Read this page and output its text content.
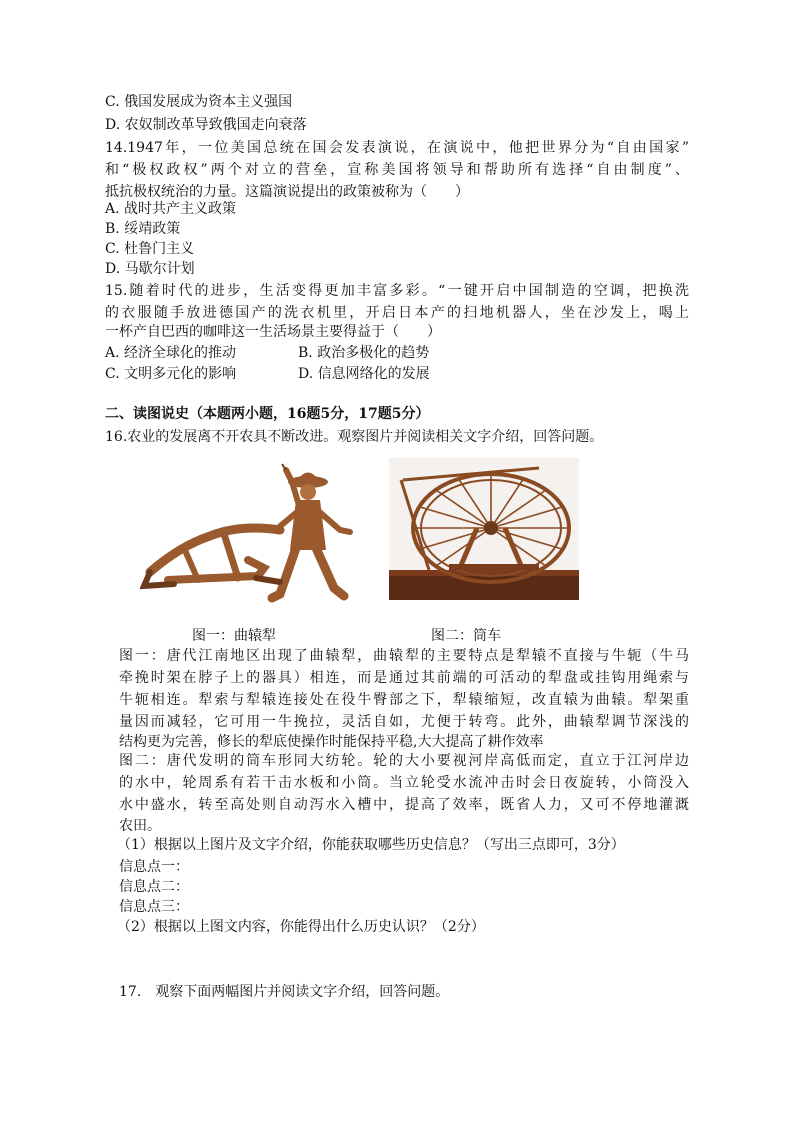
C. 俄国发展成为资本主义强国
D. 农奴制改革导致俄国走向衰落
14.1947年，一位美国总统在国会发表演说，在演说中，他把世界分为“自由国家”
和“极权政权”两个对立的营垒，宣称美国将领导和帮助所有选择“自由制度”、
抵抗极权统治的力量。这篇演说提出的政策被称为（　　）
A. 战时共产主义政策
B. 绥靖政策
C. 杜鲁门主义
D. 马歇尔计划
15.随着时代的进步，生活变得更加丰富多彩。“一键开启中国制造的空调，把换洗
的衣服随手放进德国产的洗衣机里，开启日本产的扫地机器人，坐在沙发上，喝上
一杯产自巴西的咖啡这一生活场景主要得益于（　　）
A. 经济全球化的推动	B. 政治多极化的趋势
C. 文明多元化的影响	D. 信息网络化的发展
二、读图说史（本题两小题，16题5分，17题5分）
16.农业的发展离不开农具不断改进。观察图片并阅读相关文字介绍，回答问题。
图一：曲辕犁	图二：筒车
图一：唐代江南地区出现了曲辕犁，曲辕犁的主要特点是犁辕不直接与牛轭（牛马
牵挽时架在脖子上的器具）相连，而是通过其前端的可活动的犁盘或挂钩用绳索与
牛轭相连。犁索与犁辕连接处在役牛臀部之下，犁辕缩短，改直辕为曲辕。犁架重
量因而减轻，它可用一牛挽拉，灵活自如，尤便于转弯。此外，曲辕犁调节深浅的
结构更为完善，修长的犁底使操作时能保持平稳,大大提高了耕作效率
图二：唐代发明的筒车形同大纺轮。轮的大小要视河岸高低而定，直立于江河岸边
的水中，轮周系有若干击水板和小筒。当立轮受水流冲击时会日夜旋转，小筒没入
水中盛水，转至高处则自动泻水入槽中，提高了效率，既省人力，又可不停地灌溉
农田。
（1）根据以上图片及文字介绍，你能获取哪些历史信息？（写出三点即可，3分）
信息点一：
信息点二：
信息点三：
（2）根据以上图文内容，你能得出什么历史认识？（2分）
17.　观察下面两幅图片并阅读文字介绍，回答问题。
